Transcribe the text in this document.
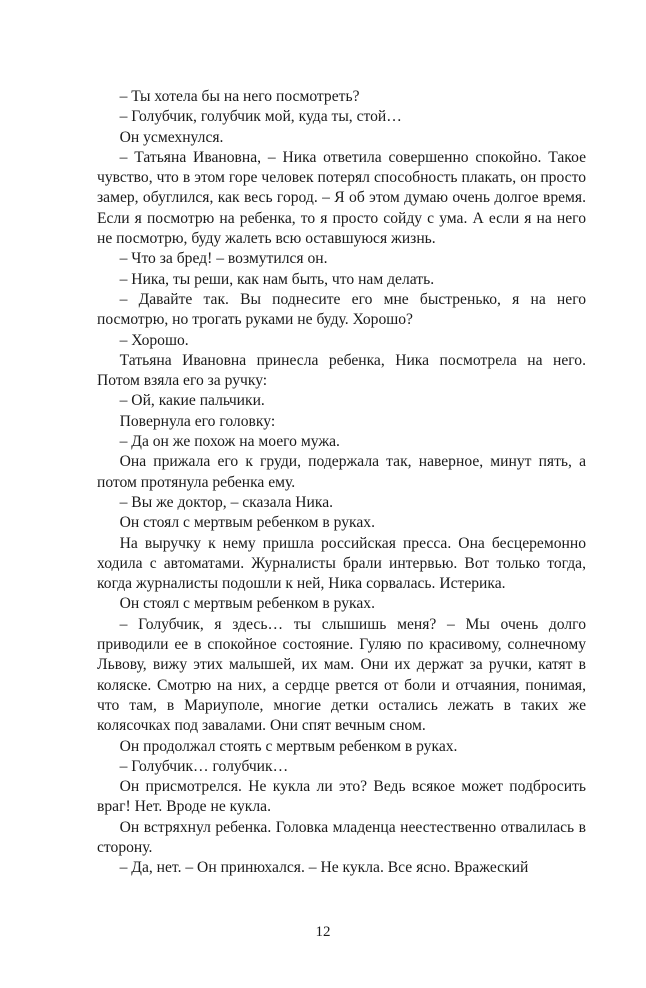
– Ты хотела бы на него посмотреть?

– Голубчик, голубчик мой, куда ты, стой…

Он усмехнулся.

– Татьяна Ивановна, – Ника ответила совершенно спокойно. Такое чувство, что в этом горе человек потерял способность плакать, он просто замер, обуглился, как весь город. – Я об этом думаю очень долгое время. Если я посмотрю на ребенка, то я просто сойду с ума. А если я на него не посмотрю, буду жалеть всю оставшуюся жизнь.

– Что за бред! – возмутился он.

– Ника, ты реши, как нам быть, что нам делать.

– Давайте так. Вы поднесите его мне быстренько, я на него посмотрю, но трогать руками не буду. Хорошо?

– Хорошо.

Татьяна Ивановна принесла ребенка, Ника посмотрела на него. Потом взяла его за ручку:

– Ой, какие пальчики.

Повернула его головку:

– Да он же похож на моего мужа.

Она прижала его к груди, подержала так, наверное, минут пять, а потом протянула ребенка ему.

– Вы же доктор, – сказала Ника.

Он стоял с мертвым ребенком в руках.

На выручку к нему пришла российская пресса. Она бесцеремонно ходила с автоматами. Журналисты брали интервью. Вот только тогда, когда журналисты подошли к ней, Ника сорвалась. Истерика.

Он стоял с мертвым ребенком в руках.

– Голубчик, я здесь… ты слышишь меня? – Мы очень долго приводили ее в спокойное состояние. Гуляю по красивому, солнечному Львову, вижу этих малышей, их мам. Они их держат за ручки, катят в коляске. Смотрю на них, а сердце рвется от боли и отчаяния, понимая, что там, в Мариуполе, многие детки остались лежать в таких же колясочках под завалами. Они спят вечным сном.

Он продолжал стоять с мертвым ребенком в руках.

– Голубчик… голубчик…

Он присмотрелся. Не кукла ли это? Ведь всякое может подбросить враг! Нет. Вроде не кукла.

Он встряхнул ребенка. Головка младенца неестественно отвалилась в сторону.

– Да, нет. – Он принюхался. – Не кукла. Все ясно. Вражеский

12
